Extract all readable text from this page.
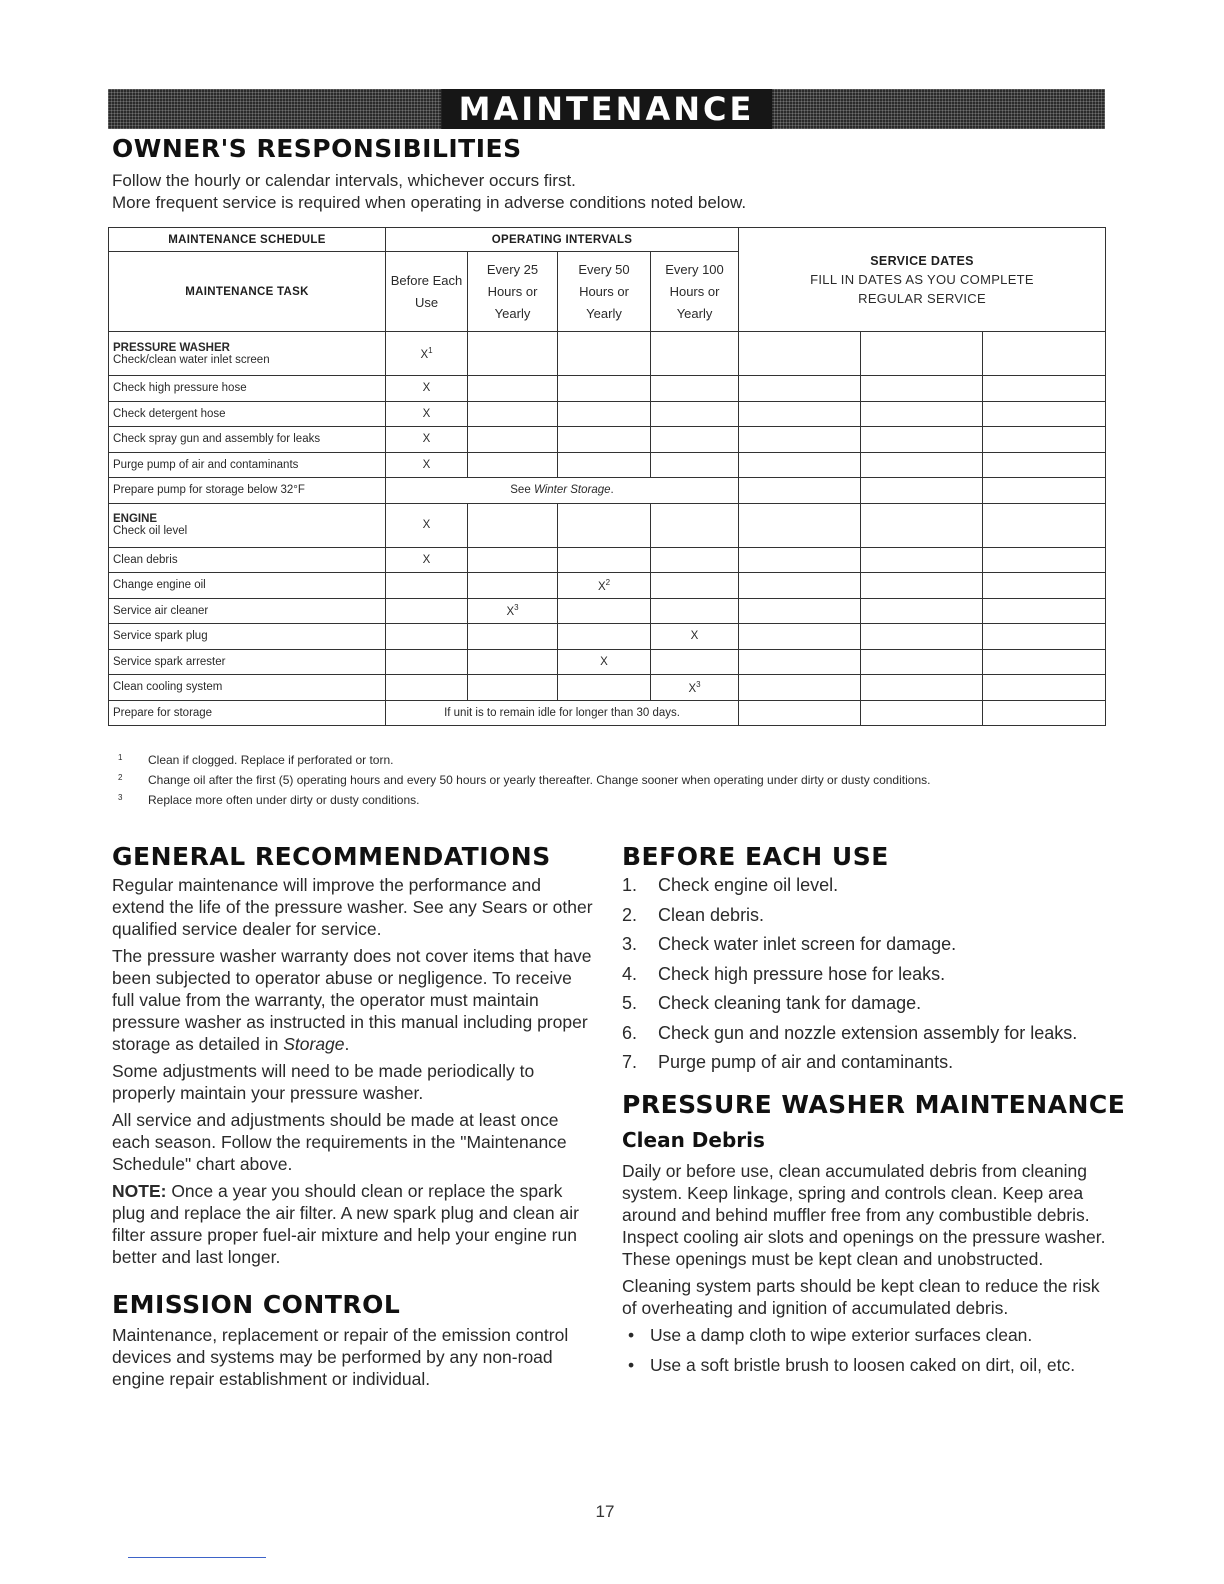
MAINTENANCE
OWNER'S RESPONSIBILITIES
Follow the hourly or calendar intervals, whichever occurs first.
More frequent service is required when operating in adverse conditions noted below.
MAINTENANCE SCHEDULE	OPERATING INTERVALS				SERVICE DATES
FILL IN DATES AS YOU COMPLETE
REGULAR SERVICE		

MAINTENANCE TASK	Before Each Use	Every 25 Hours or Yearly	Every 50 Hours or Yearly	Every 100 Hours or Yearly			

PRESSURE WASHER
Check/clean water inlet screen	$X^1$						
Check high pressure hose	X						
Check detergent hose	X						
Check spray gun and assembly for leaks	X						
Purge pump of air and contaminants	X						
Prepare pump for storage below 32°F	See Winter Storage.						

ENGINE
Check oil level	X						
Clean debris	X						
Change engine oil			$X^2$				
Service air cleaner		$X^3$					
Service spark plug				X			
Service spark arrester			X				
Clean cooling system				$X^3$			
Prepare for storage	If unit is to remain idle for longer than 30 days.						
1 Clean if clogged. Replace if perforated or torn.
2 Change oil after the first (5) operating hours and every 50 hours or yearly thereafter. Change sooner when operating under dirty or dusty conditions.
3 Replace more often under dirty or dusty conditions.
GENERAL RECOMMENDATIONS

Regular maintenance will improve the performance and extend the life of the pressure washer. See any Sears or other qualified service dealer for service.

The pressure washer warranty does not cover items that have been subjected to operator abuse or negligence. To receive full value from the warranty, the operator must maintain pressure washer as instructed in this manual including proper storage as detailed in Storage.

Some adjustments will need to be made periodically to properly maintain your pressure washer.

All service and adjustments should be made at least once each season. Follow the requirements in the "Maintenance Schedule" chart above.

NOTE: Once a year you should clean or replace the spark plug and replace the air filter. A new spark plug and clean air filter assure proper fuel-air mixture and help your engine run better and last longer.

EMISSION CONTROL

Maintenance, replacement or repair of the emission control devices and systems may be performed by any non-road engine repair establishment or individual.

BEFORE EACH USE
1. Check engine oil level.
2. Clean debris.
3. Check water inlet screen for damage.
4. Check high pressure hose for leaks.
5. Check cleaning tank for damage.
6. Check gun and nozzle extension assembly for leaks.
7. Purge pump of air and contaminants.
PRESSURE WASHER MAINTENANCE
Clean Debris

Daily or before use, clean accumulated debris from cleaning system. Keep linkage, spring and controls clean. Keep area around and behind muffler free from any combustible debris. Inspect cooling air slots and openings on the pressure washer. These openings must be kept clean and unobstructed.

Cleaning system parts should be kept clean to reduce the risk of overheating and ignition of accumulated debris.

• Use a damp cloth to wipe exterior surfaces clean.
• Use a soft bristle brush to loosen caked on dirt, oil, etc.
17
